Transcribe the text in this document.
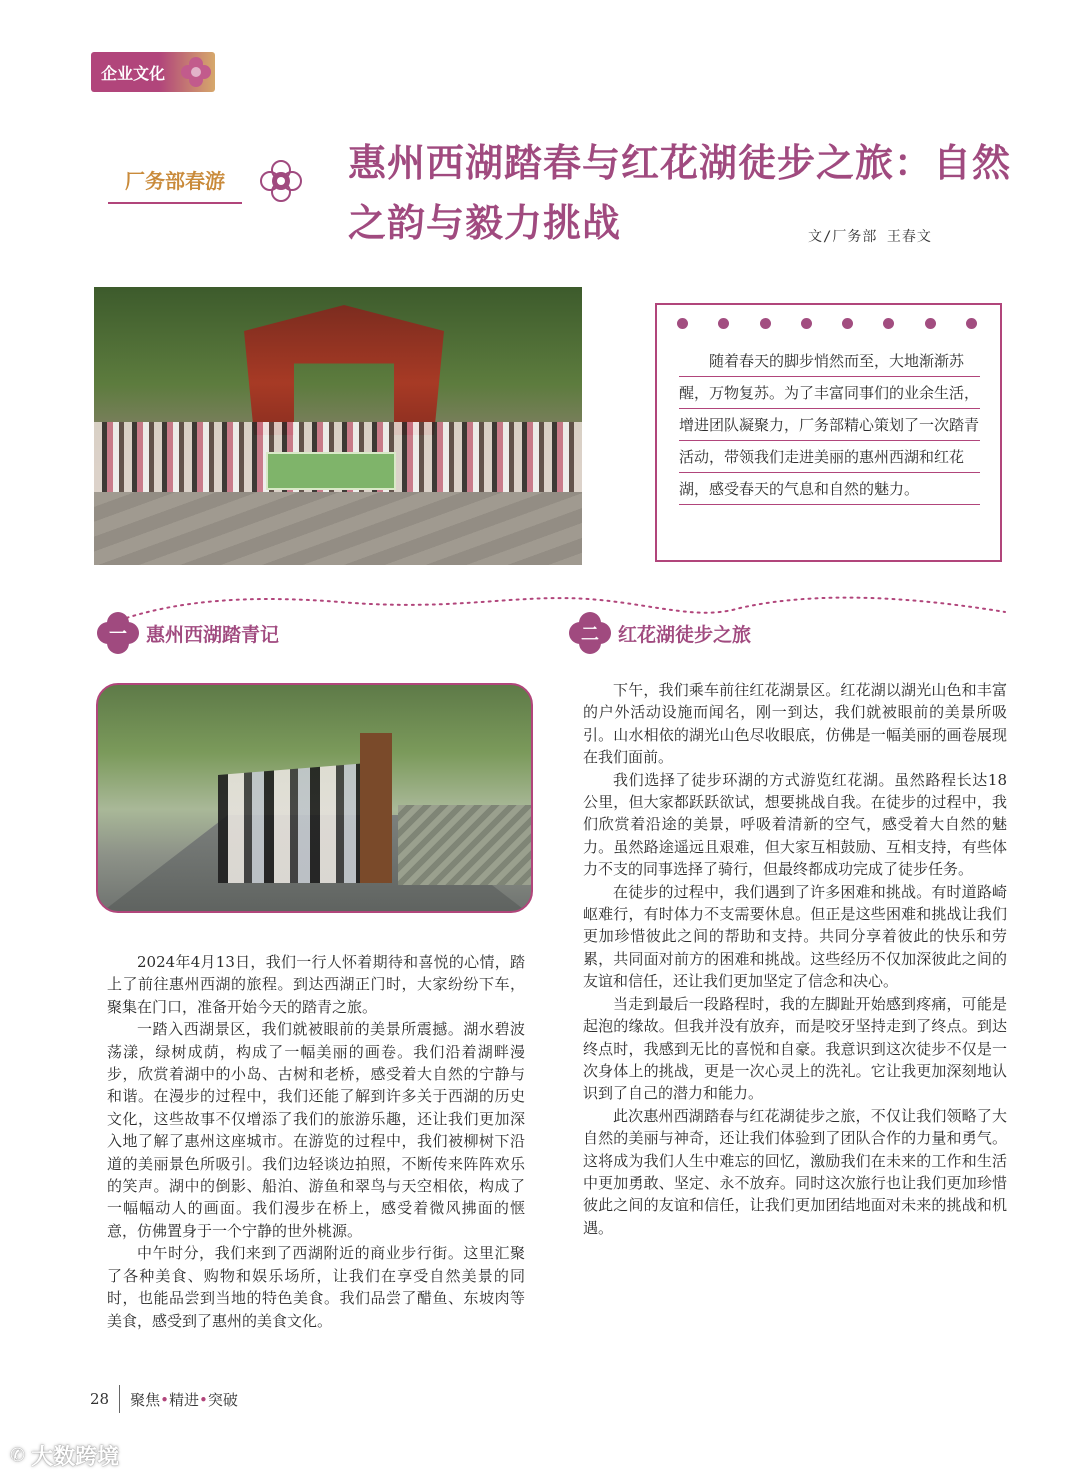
企业文化
厂务部春游	惠州西湖踏春与红花湖徒步之旅：自然之韵与毅力挑战	文/厂务部 王春文

随着春天的脚步悄然而至，大地渐渐苏醒，万物复苏。为了丰富同事们的业余生活，增进团队凝聚力，厂务部精心策划了一次踏青活动，带领我们走进美丽的惠州西湖和红花湖，感受春天的气息和自然的魅力。

一	惠州西湖踏青记	二	红花湖徒步之旅

2024年4月13日，我们一行人怀着期待和喜悦的心情，踏上了前往惠州西湖的旅程。到达西湖正门时，大家纷纷下车，聚集在门口，准备开始今天的踏青之旅。

一踏入西湖景区，我们就被眼前的美景所震撼。湖水碧波荡漾，绿树成荫，构成了一幅美丽的画卷。我们沿着湖畔漫步，欣赏着湖中的小岛、古树和老桥，感受着大自然的宁静与和谐。在漫步的过程中，我们还能了解到许多关于西湖的历史文化，这些故事不仅增添了我们的旅游乐趣，还让我们更加深入地了解了惠州这座城市。在游览的过程中，我们被柳树下沿道的美丽景色所吸引。我们边轻谈边拍照，不断传来阵阵欢乐的笑声。湖中的倒影、船泊、游鱼和翠鸟与天空相依，构成了一幅幅动人的画面。我们漫步在桥上，感受着微风拂面的惬意，仿佛置身于一个宁静的世外桃源。

中午时分，我们来到了西湖附近的商业步行街。这里汇聚了各种美食、购物和娱乐场所，让我们在享受自然美景的同时，也能品尝到当地的特色美食。我们品尝了醋鱼、东坡肉等美食，感受到了惠州的美食文化。

下午，我们乘车前往红花湖景区。红花湖以湖光山色和丰富的户外活动设施而闻名，刚一到达，我们就被眼前的美景所吸引。山水相依的湖光山色尽收眼底，仿佛是一幅美丽的画卷展现在我们面前。

我们选择了徒步环湖的方式游览红花湖。虽然路程长达18公里，但大家都跃跃欲试，想要挑战自我。在徒步的过程中，我们欣赏着沿途的美景，呼吸着清新的空气，感受着大自然的魅力。虽然路途遥远且艰难，但大家互相鼓励、互相支持，有些体力不支的同事选择了骑行，但最终都成功完成了徒步任务。

在徒步的过程中，我们遇到了许多困难和挑战。有时道路崎岖难行，有时体力不支需要休息。但正是这些困难和挑战让我们更加珍惜彼此之间的帮助和支持。共同分享着彼此的快乐和劳累，共同面对前方的困难和挑战。这些经历不仅加深彼此之间的友谊和信任，还让我们更加坚定了信念和决心。

当走到最后一段路程时，我的左脚趾开始感到疼痛，可能是起泡的缘故。但我并没有放弃，而是咬牙坚持走到了终点。到达终点时，我感到无比的喜悦和自豪。我意识到这次徒步不仅是一次身体上的挑战，更是一次心灵上的洗礼。它让我更加深刻地认识到了自己的潜力和能力。

此次惠州西湖踏春与红花湖徒步之旅，不仅让我们领略了大自然的美丽与神奇，还让我们体验到了团队合作的力量和勇气。这将成为我们人生中难忘的回忆，激励我们在未来的工作和生活中更加勇敢、坚定、永不放弃。同时这次旅行也让我们更加珍惜彼此之间的友谊和信任，让我们更加团结地面对未来的挑战和机遇。

28 聚焦•精进•突破
✆ 大数跨境
